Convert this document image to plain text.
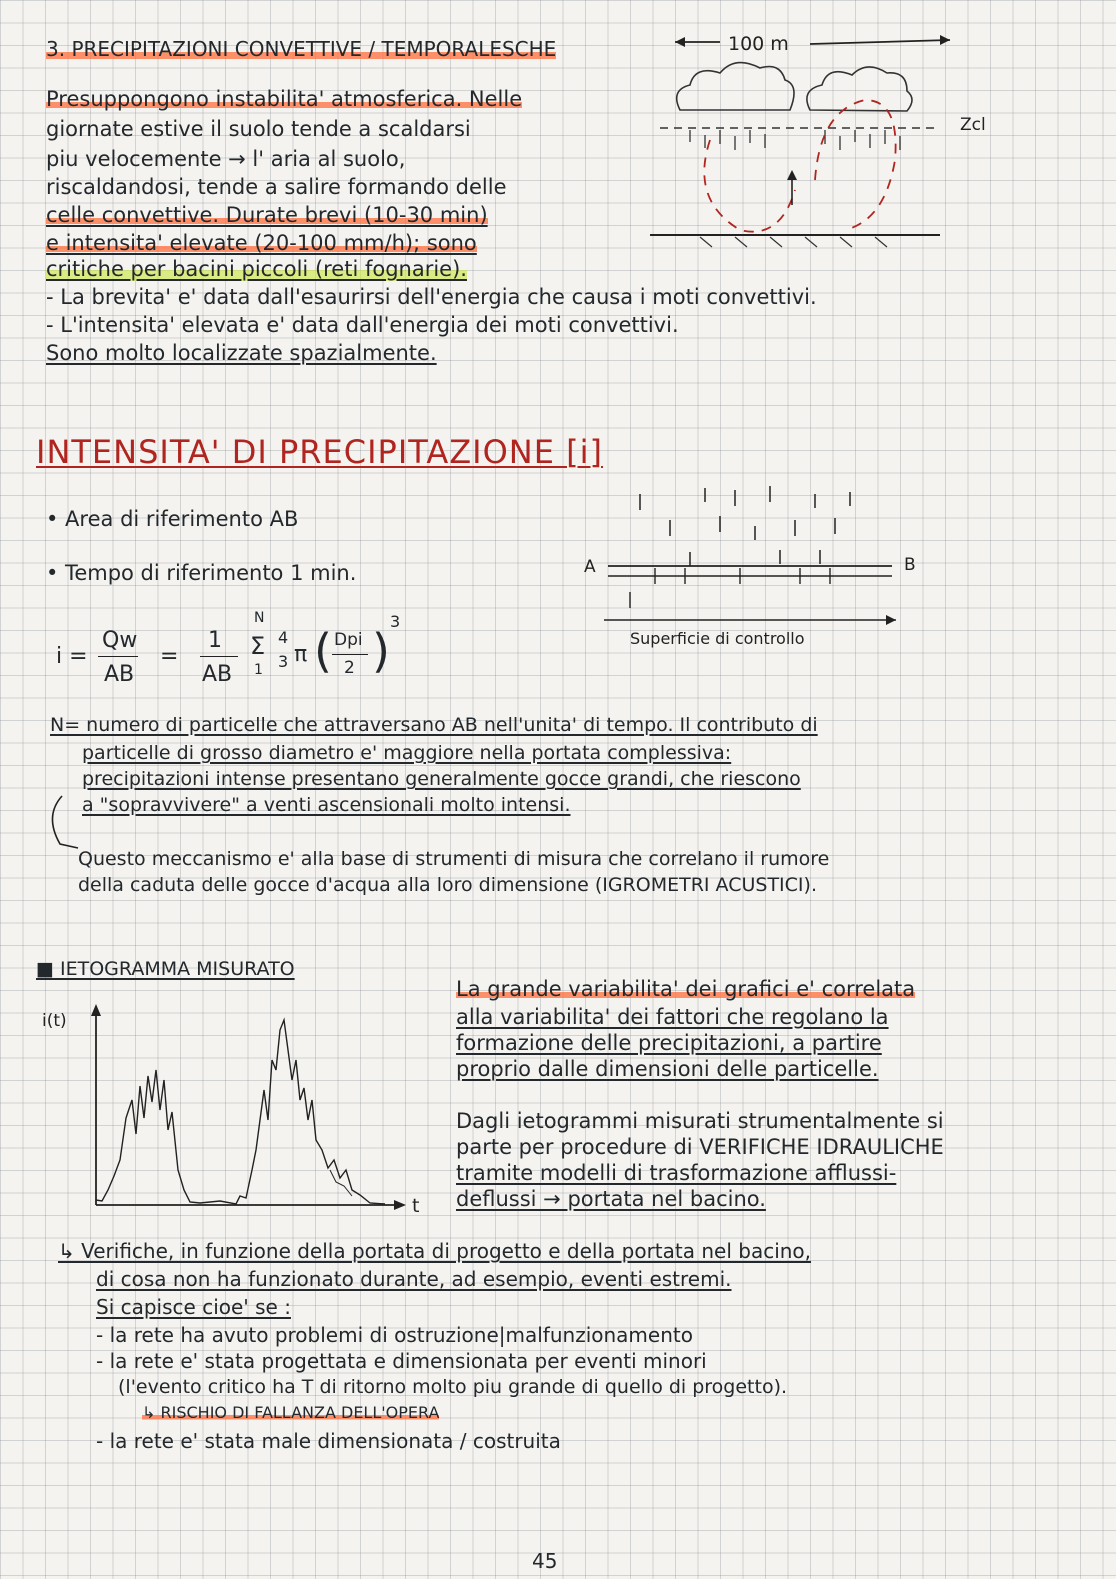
3. PRECIPITAZIONI CONVETTIVE / TEMPORALESCHE
Presuppongono instabilita' atmosferica. Nelle
giornate estive il suolo tende a scaldarsi
piu velocemente → l' aria al suolo,
riscaldandosi, tende a salire formando delle
celle convettive. Durate brevi (10-30 min)
e intensita' elevate (20-100 mm/h); sono
critiche per bacini piccoli (reti fognarie).
- La brevita' e' data dall'esaurirsi dell'energia che causa i moti convettivi.
- L'intensita' elevata e' data dall'energia dei moti convettivi.
Sono molto localizzate spazialmente.
100 m
Zcl
INTENSITA' DI PRECIPITAZIONE [i]
• Area di riferimento AB
• Tempo di riferimento 1 min.
i =
Qw
AB
=
1
AB
N
Σ
1
4
3 π ( Dpi
2 )
3
A	B
Superficie di controllo
N= numero di particelle che attraversano AB nell'unita' di tempo. Il contributo di
particelle di grosso diametro e' maggiore nella portata complessiva:
precipitazioni intense presentano generalmente gocce grandi, che riescono
a "sopravvivere" a venti ascensionali molto intensi.
Questo meccanismo e' alla base di strumenti di misura che correlano il rumore
della caduta delle gocce d'acqua alla loro dimensione (IGROMETRI ACUSTICI).
■ IETOGRAMMA MISURATO
i(t)
t
La grande variabilita' dei grafici e' correlata
alla variabilita' dei fattori che regolano la
formazione delle precipitazioni, a partire
proprio dalle dimensioni delle particelle.
Dagli ietogrammi misurati strumentalmente si
parte per procedure di VERIFICHE IDRAULICHE
tramite modelli di trasformazione afflussi-
deflussi → portata nel bacino.
↳ Verifiche, in funzione della portata di progetto e della portata nel bacino,
di cosa non ha funzionato durante, ad esempio, eventi estremi.
Si capisce cioe' se :
- la rete ha avuto problemi di ostruzione|malfunzionamento
- la rete e' stata progettata e dimensionata per eventi minori
(l'evento critico ha T di ritorno molto piu grande di quello di progetto).
↳ RISCHIO DI FALLANZA DELL'OPERA
- la rete e' stata male dimensionata / costruita
45
